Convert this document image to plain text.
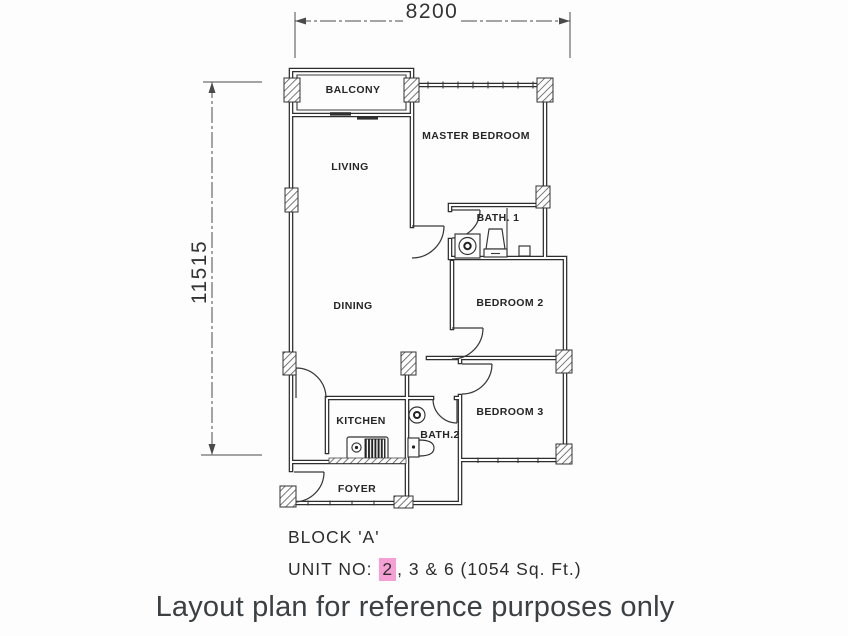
8200
11515
BALCONY
MASTER BEDROOM
LIVING
BATH. 1
DINING	BEDROOM 2
BEDROOM 3
KITCHEN
BATH.2
FOYER
BLOCK 'A'
UNIT NO: 2 , 3 & 6 (1054 Sq. Ft.)
Layout plan for reference purposes only
